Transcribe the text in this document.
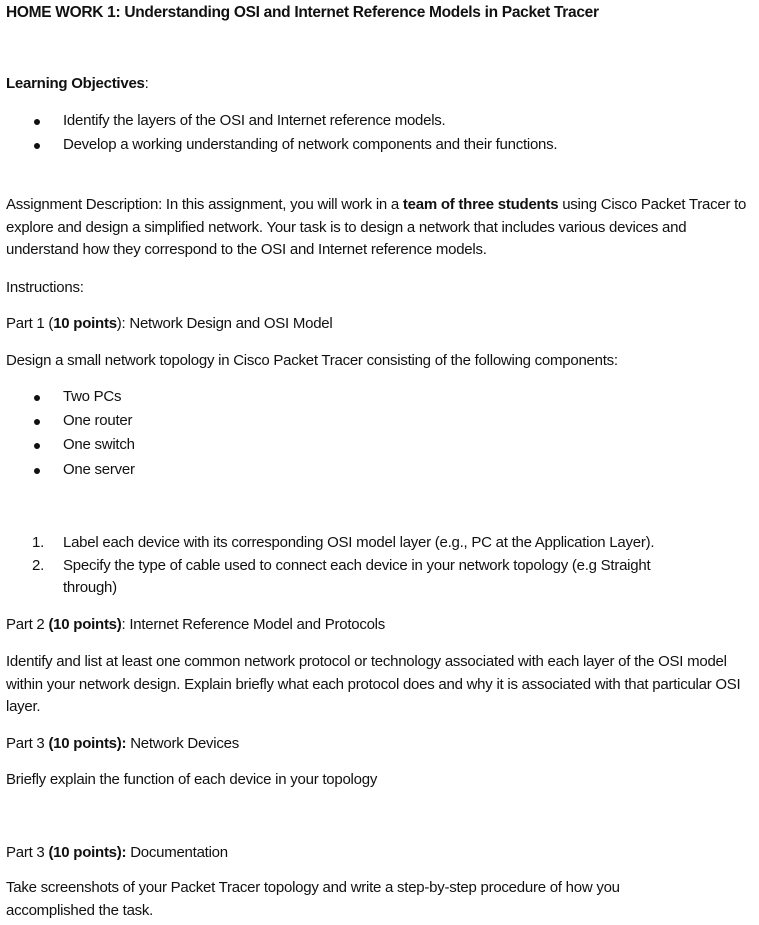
HOME WORK 1: Understanding OSI and Internet Reference Models in Packet Tracer
Learning Objectives:
Identify the layers of the OSI and Internet reference models.
Develop a working understanding of network components and their functions.
Assignment Description: In this assignment, you will work in a team of three students using Cisco Packet Tracer to explore and design a simplified network. Your task is to design a network that includes various devices and understand how they correspond to the OSI and Internet reference models.
Instructions:
Part 1 (10 points): Network Design and OSI Model
Design a small network topology in Cisco Packet Tracer consisting of the following components:
Two PCs
One router
One switch
One server
1. Label each device with its corresponding OSI model layer (e.g., PC at the Application Layer).
2. Specify the type of cable used to connect each device in your network topology (e.g Straight
through)
Part 2 (10 points): Internet Reference Model and Protocols
Identify and list at least one common network protocol or technology associated with each layer of the OSI model within your network design. Explain briefly what each protocol does and why it is associated with that particular OSI layer.
Part 3 (10 points): Network Devices
Briefly explain the function of each device in your topology
Part 3 (10 points): Documentation
Take screenshots of your Packet Tracer topology and write a step-by-step procedure of how you accomplished the task.
